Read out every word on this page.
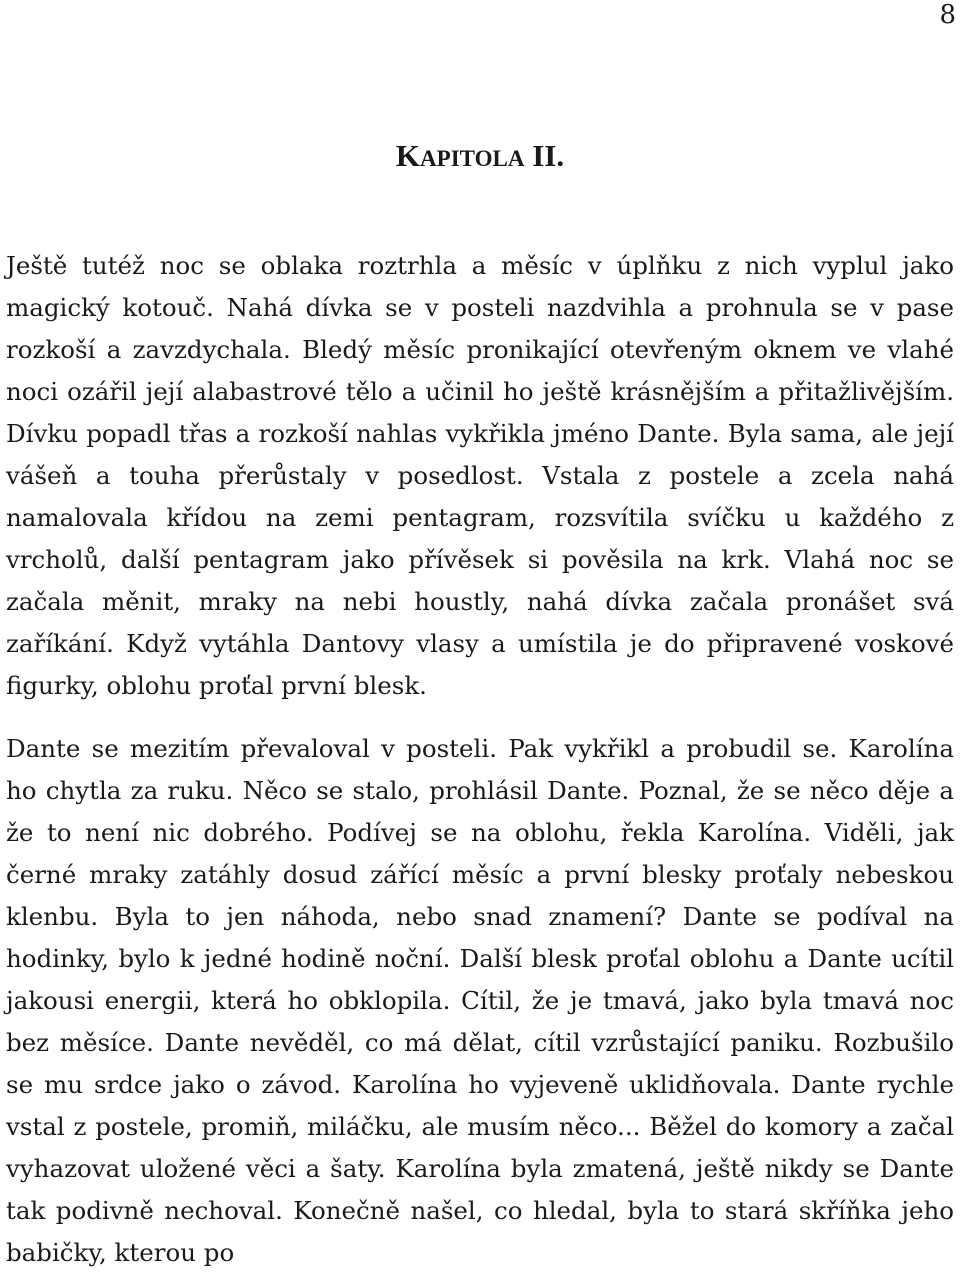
8
KAPITOLA II.

Ještě tutéž noc se oblaka roztrhla a měsíc v úplňku z nich vyplul jako magický kotouč. Nahá dívka se v posteli nazdvihla a prohnula se v pase rozkoší a zavzdychala. Bledý měsíc pronikající otevřeným oknem ve vlahé noci ozářil její alabastrové tělo a učinil ho ještě krásnějším a přitažlivějším. Dívku popadl třas a rozkoší nahlas vykřikla jméno Dante. Byla sama, ale její vášeň a touha přerůstaly v posedlost. Vstala z postele a zcela nahá namalovala křídou na zemi pentagram, rozsvítila svíčku u každého z vrcholů, další pentagram jako přívěsek si pověsila na krk. Vlahá noc se začala měnit, mraky na nebi houstly, nahá dívka začala pronášet svá zaříkání. Když vytáhla Dantovy vlasy a umístila je do připravené voskové figurky, oblohu proťal první blesk.

Dante se mezitím převaloval v posteli. Pak vykřikl a probudil se. Karolína ho chytla za ruku. Něco se stalo, prohlásil Dante. Poznal, že se něco děje a že to není nic dobrého. Podívej se na oblohu, řekla Karolína. Viděli, jak černé mraky zatáhly dosud zářící měsíc a první blesky proťaly nebeskou klenbu. Byla to jen náhoda, nebo snad znamení? Dante se podíval na hodinky, bylo k jedné hodině noční. Další blesk proťal oblohu a Dante ucítil jakousi energii, která ho obklopila. Cítil, že je tmavá, jako byla tmavá noc bez měsíce. Dante nevěděl, co má dělat, cítil vzrůstající paniku. Rozbušilo se mu srdce jako o závod. Karolína ho vyjeveně uklidňovala. Dante rychle vstal z postele, promiň, miláčku, ale musím něco... Běžel do komory a začal vyhazovat uložené věci a šaty. Karolína byla zmatená, ještě nikdy se Dante tak podivně nechoval. Konečně našel, co hledal, byla to stará skříňka jeho babičky, kterou po
